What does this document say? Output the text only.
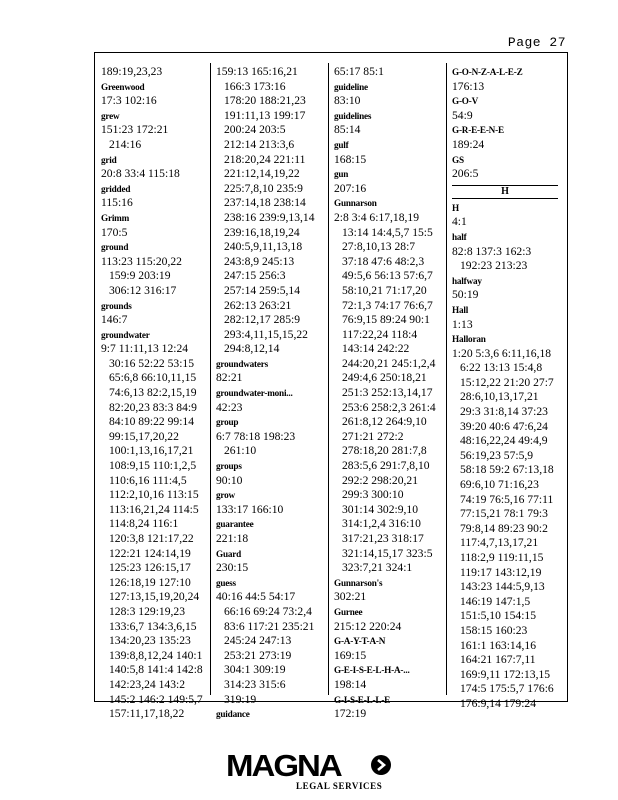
Page 27
189:19,23,23
Greenwood
17:3 102:16
grew
151:23 172:21
214:16
grid
20:8 33:4 115:18
gridded
115:16
Grimm
170:5
ground
113:23 115:20,22
159:9 203:19
306:12 316:17
grounds
146:7
groundwater
9:7 11:11,13 12:24
30:16 52:22 53:15
65:6,8 66:10,11,15
74:6,13 82:2,15,19
82:20,23 83:3 84:9
84:10 89:22 99:14
99:15,17,20,22
100:1,13,16,17,21
108:9,15 110:1,2,5
110:6,16 111:4,5
112:2,10,16 113:15
113:16,21,24 114:5
114:8,24 116:1
120:3,8 121:17,22
122:21 124:14,19
125:23 126:15,17
126:18,19 127:10
127:13,15,19,20,24
128:3 129:19,23
133:6,7 134:3,6,15
134:20,23 135:23
139:8,8,12,24 140:1
140:5,8 141:4 142:8
142:23,24 143:2
145:2 146:2 149:5,7
157:11,17,18,22
159:13 165:16,21
166:3 173:16
178:20 188:21,23
191:11,13 199:17
200:24 203:5
212:14 213:3,6
218:20,24 221:11
221:12,14,19,22
225:7,8,10 235:9
237:14,18 238:14
238:16 239:9,13,14
239:16,18,19,24
240:5,9,11,13,18
243:8,9 245:13
247:15 256:3
257:14 259:5,14
262:13 263:21
282:12,17 285:9
293:4,11,15,15,22
294:8,12,14
groundwaters
82:21
groundwater-moni...
42:23
group
6:7 78:18 198:23
261:10
groups
90:10
grow
133:17 166:10
guarantee
221:18
Guard
230:15
guess
40:16 44:5 54:17
66:16 69:24 73:2,4
83:6 117:21 235:21
245:24 247:13
253:21 273:19
304:1 309:19
314:23 315:6
319:19
guidance
65:17 85:1
guideline
83:10
guidelines
85:14
gulf
168:15
gun
207:16
Gunnarson
2:8 3:4 6:17,18,19
13:14 14:4,5,7 15:5
27:8,10,13 28:7
37:18 47:6 48:2,3
49:5,6 56:13 57:6,7
58:10,21 71:17,20
72:1,3 74:17 76:6,7
76:9,15 89:24 90:1
117:22,24 118:4
143:14 242:22
244:20,21 245:1,2,4
249:4,6 250:18,21
251:3 252:13,14,17
253:6 258:2,3 261:4
261:8,12 264:9,10
271:21 272:2
278:18,20 281:7,8
283:5,6 291:7,8,10
292:2 298:20,21
299:3 300:10
301:14 302:9,10
314:1,2,4 316:10
317:21,23 318:17
321:14,15,17 323:5
323:7,21 324:1
Gunnarson's
302:21
Gurnee
215:12 220:24
G-A-Y-T-A-N
169:15
G-E-I-S-E-L-H-A-...
198:14
G-I-S-E-L-L-E
172:19
G-O-N-Z-A-L-E-Z
176:13
G-O-V
54:9
G-R-E-E-N-E
189:24
GS
206:5
H
H
4:1
half
82:8 137:3 162:3
192:23 213:23
halfway
50:19
Hall
1:13
Halloran
1:20 5:3,6 6:11,16,18
6:22 13:13 15:4,8
15:12,22 21:20 27:7
28:6,10,13,17,21
29:3 31:8,14 37:23
39:20 40:6 47:6,24
48:16,22,24 49:4,9
56:19,23 57:5,9
58:18 59:2 67:13,18
69:6,10 71:16,23
74:19 76:5,16 77:11
77:15,21 78:1 79:3
79:8,14 89:23 90:2
117:4,7,13,17,21
118:2,9 119:11,15
119:17 143:12,19
143:23 144:5,9,13
146:19 147:1,5
151:5,10 154:15
158:15 160:23
161:1 163:14,16
164:21 167:7,11
169:9,11 172:13,15
174:5 175:5,7 176:6
176:9,14 179:24
MAGNA
LEGAL SERVICES
